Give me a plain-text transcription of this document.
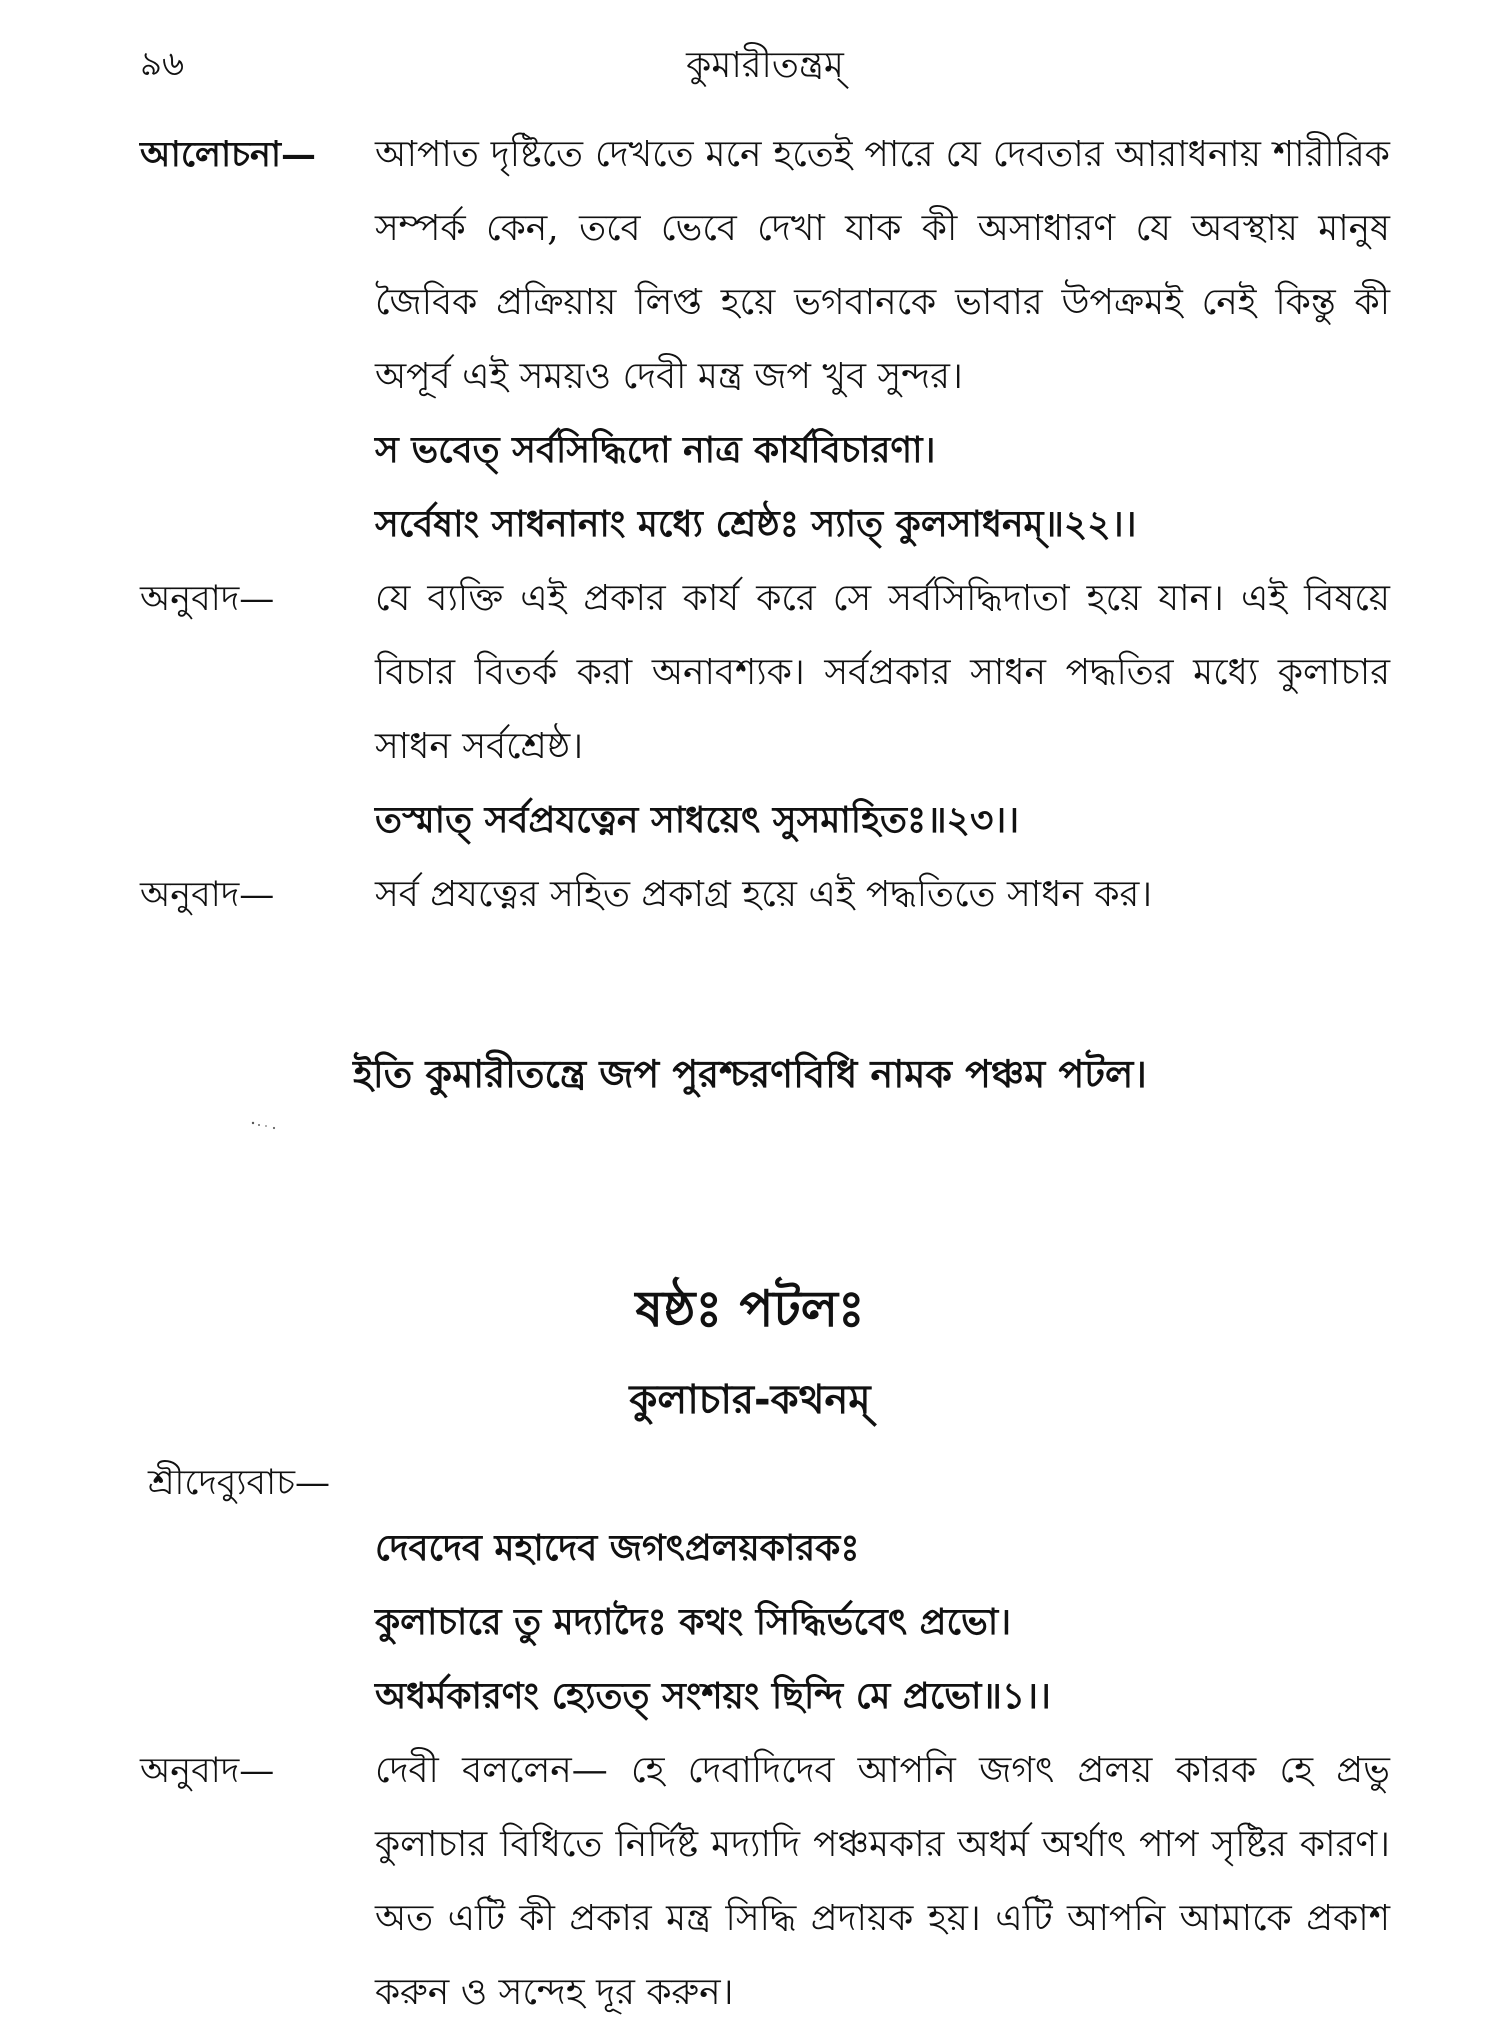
৯৬	কুমারীতন্ত্রম্
আলোচনা—	আপাত দৃষ্টিতে দেখতে মনে হতেই পারে যে দেবতার আরাধনায় শারীরিক সম্পর্ক কেন, তবে ভেবে দেখা যাক কী অসাধারণ যে অবস্থায় মানুষ জৈবিক প্রক্রিয়ায় লিপ্ত হয়ে ভগবানকে ভাবার উপক্রমই নেই কিন্তু কী অপূর্ব এই সময়ও দেবী মন্ত্র জপ খুব সুন্দর।
স ভবেত্ সর্বসিদ্ধিদো নাত্র কার্যবিচারণা।
সর্বেষাং সাধনানাং মধ্যে শ্রেষ্ঠঃ স্যাত্ কুলসাধনম্॥২২।।
অনুবাদ—	যে ব্যক্তি এই প্রকার কার্য করে সে সর্বসিদ্ধিদাতা হয়ে যান। এই বিষয়ে বিচার বিতর্ক করা অনাবশ্যক। সর্বপ্রকার সাধন পদ্ধতির মধ্যে কুলাচার সাধন সর্বশ্রেষ্ঠ।
তস্মাত্ সর্বপ্রযত্নেন সাধয়েৎ সুসমাহিতঃ॥২৩।।
অনুবাদ—	সর্ব প্রযত্নের সহিত প্রকাগ্র হয়ে এই পদ্ধতিতে সাধন কর।
ইতি কুমারীতন্ত্রে জপ পুরশ্চরণবিধি নামক পঞ্চম পটল।
ষষ্ঠঃ পটলঃ
কুলাচার-কথনম্
শ্রীদেব্যুবাচ—
দেবদেব মহাদেব জগৎপ্রলয়কারকঃ
কুলাচারে তু মদ্যাদৈঃ কথং সিদ্ধির্ভবেৎ প্রভো।
অধর্মকারণং হ্যেতত্ সংশয়ং ছিন্দি মে প্রভো॥১।।
অনুবাদ—	দেবী বললেন— হে দেবাদিদেব আপনি জগৎ প্রলয় কারক হে প্রভু কুলাচার বিধিতে নির্দিষ্ট মদ্যাদি পঞ্চমকার অধর্ম অর্থাৎ পাপ সৃষ্টির কারণ। অত এটি কী প্রকার মন্ত্র সিদ্ধি প্রদায়ক হয়। এটি আপনি আমাকে প্রকাশ করুন ও সন্দেহ দূর করুন।
